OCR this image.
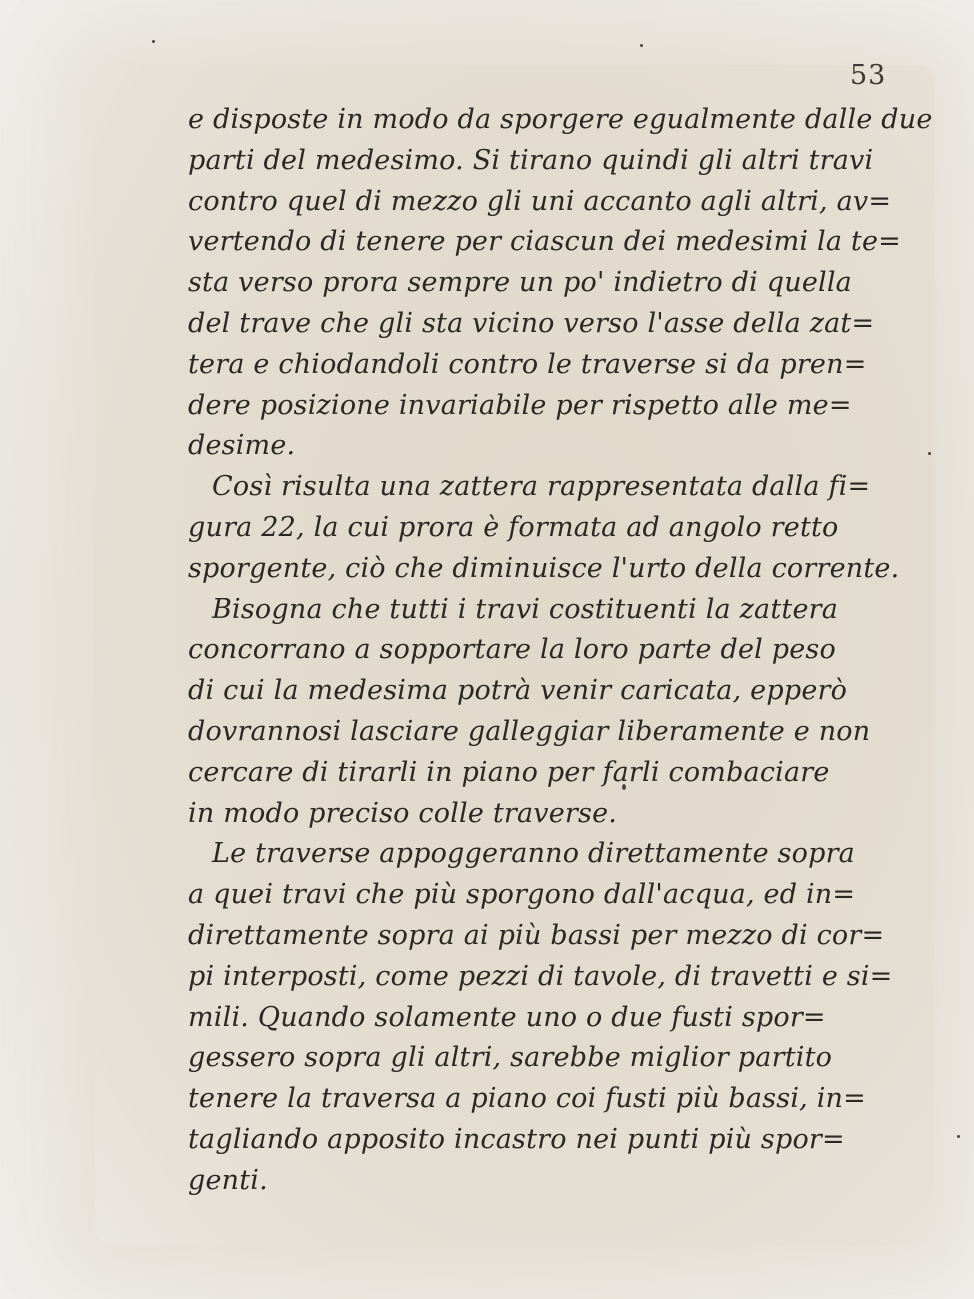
53
e disposte in modo da sporgere egualmente dalle due
parti del medesimo. Si tirano quindi gli altri travi
contro quel di mezzo gli uni accanto agli altri, av=
vertendo di tenere per ciascun dei medesimi la te=
sta verso prora sempre un po' indietro di quella
del trave che gli sta vicino verso l'asse della zat=
tera e chiodandoli contro le traverse si da pren=
dere posizione invariabile per rispetto alle me=
desime.
Così risulta una zattera rappresentata dalla fi=
gura 22, la cui prora è formata ad angolo retto
sporgente, ciò che diminuisce l'urto della corrente.
Bisogna che tutti i travi costituenti la zattera
concorrano a sopportare la loro parte del peso
di cui la medesima potrà venir caricata, epperò
dovrannosi lasciare galleggiar liberamente e non
cercare di tirarli in piano per farli combaciare
in modo preciso colle traverse.
Le traverse appoggeranno direttamente sopra
a quei travi che più sporgono dall'acqua, ed in=
direttamente sopra ai più bassi per mezzo di cor=
pi interposti, come pezzi di tavole, di travetti e si=
mili. Quando solamente uno o due fusti spor=
gessero sopra gli altri, sarebbe miglior partito
tenere la traversa a piano coi fusti più bassi, in=
tagliando apposito incastro nei punti più spor=
genti.
